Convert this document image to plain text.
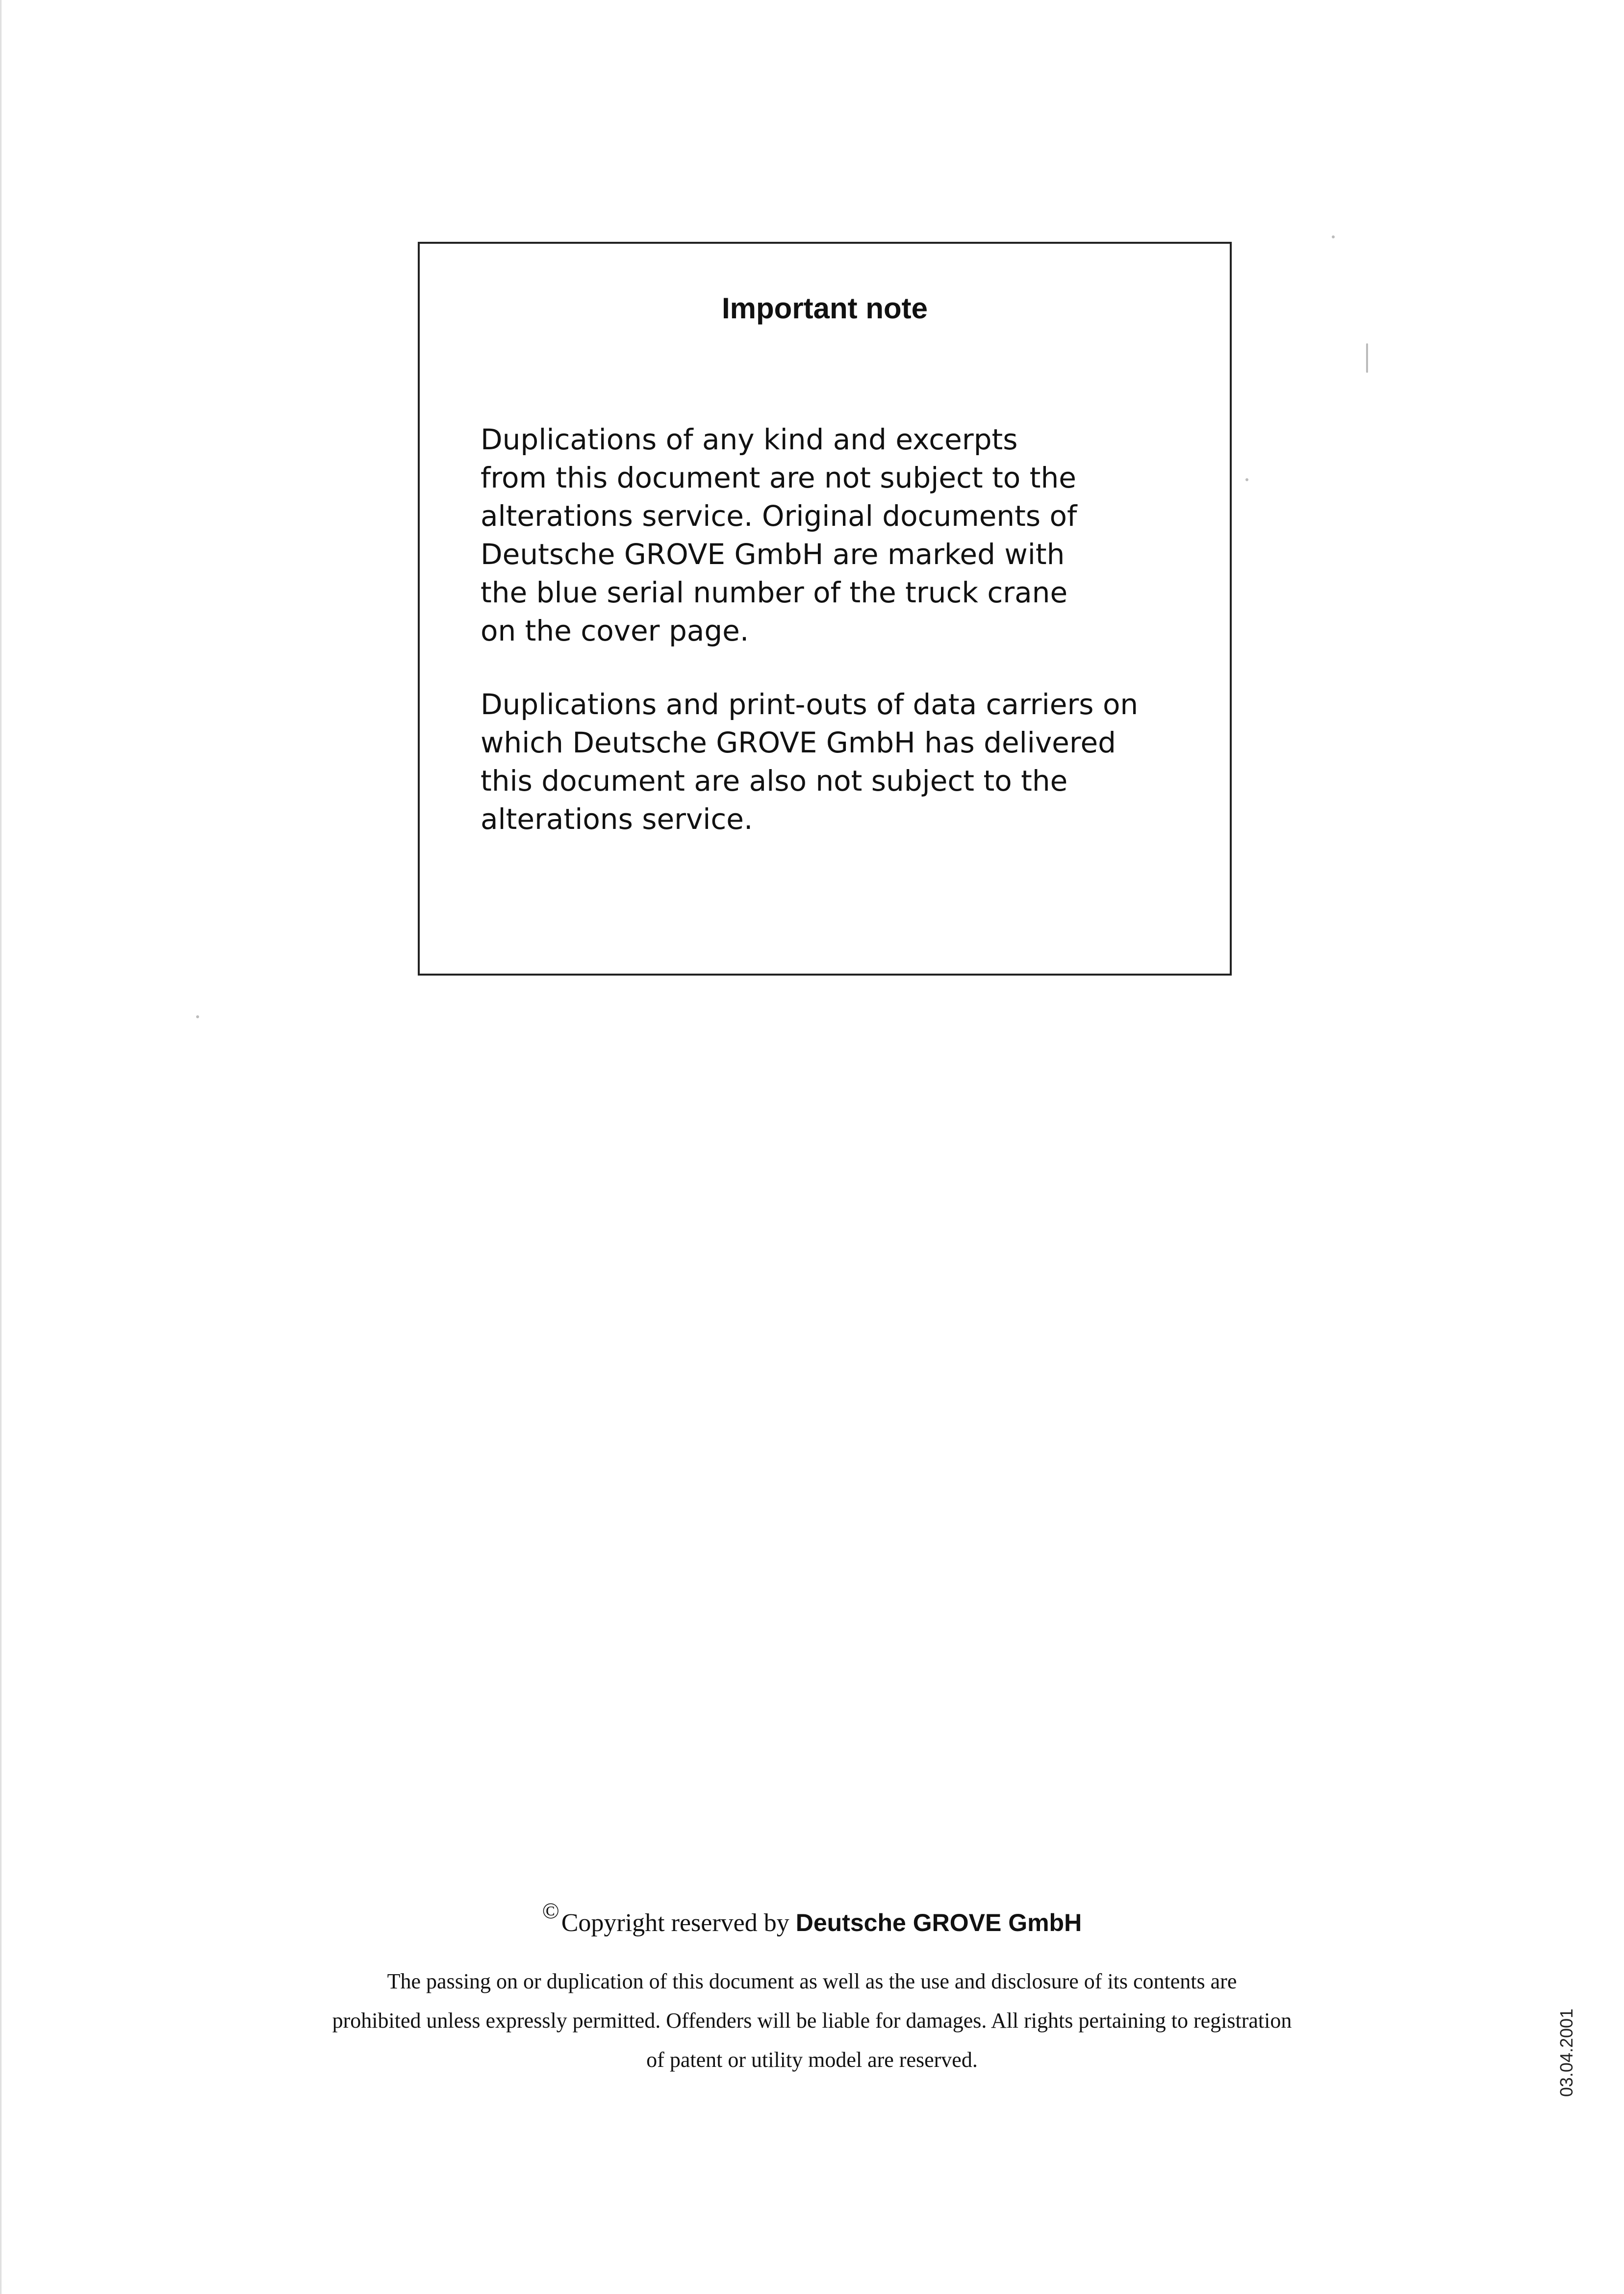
Important note

Duplications of any kind and excerpts
from this document are not subject to the
alterations service. Original documents of
Deutsche GROVE GmbH are marked with
the blue serial number of the truck crane
on the cover page.

Duplications and print-outs of data carriers on
which Deutsche GROVE GmbH has delivered
this document are also not subject to the
alterations service.

©Copyright reserved by Deutsche GROVE GmbH

The passing on or duplication of this document as well as the use and disclosure of its contents are
prohibited unless expressly permitted. Offenders will be liable for damages. All rights pertaining to registration
of patent or utility model are reserved.	03.04.2001
